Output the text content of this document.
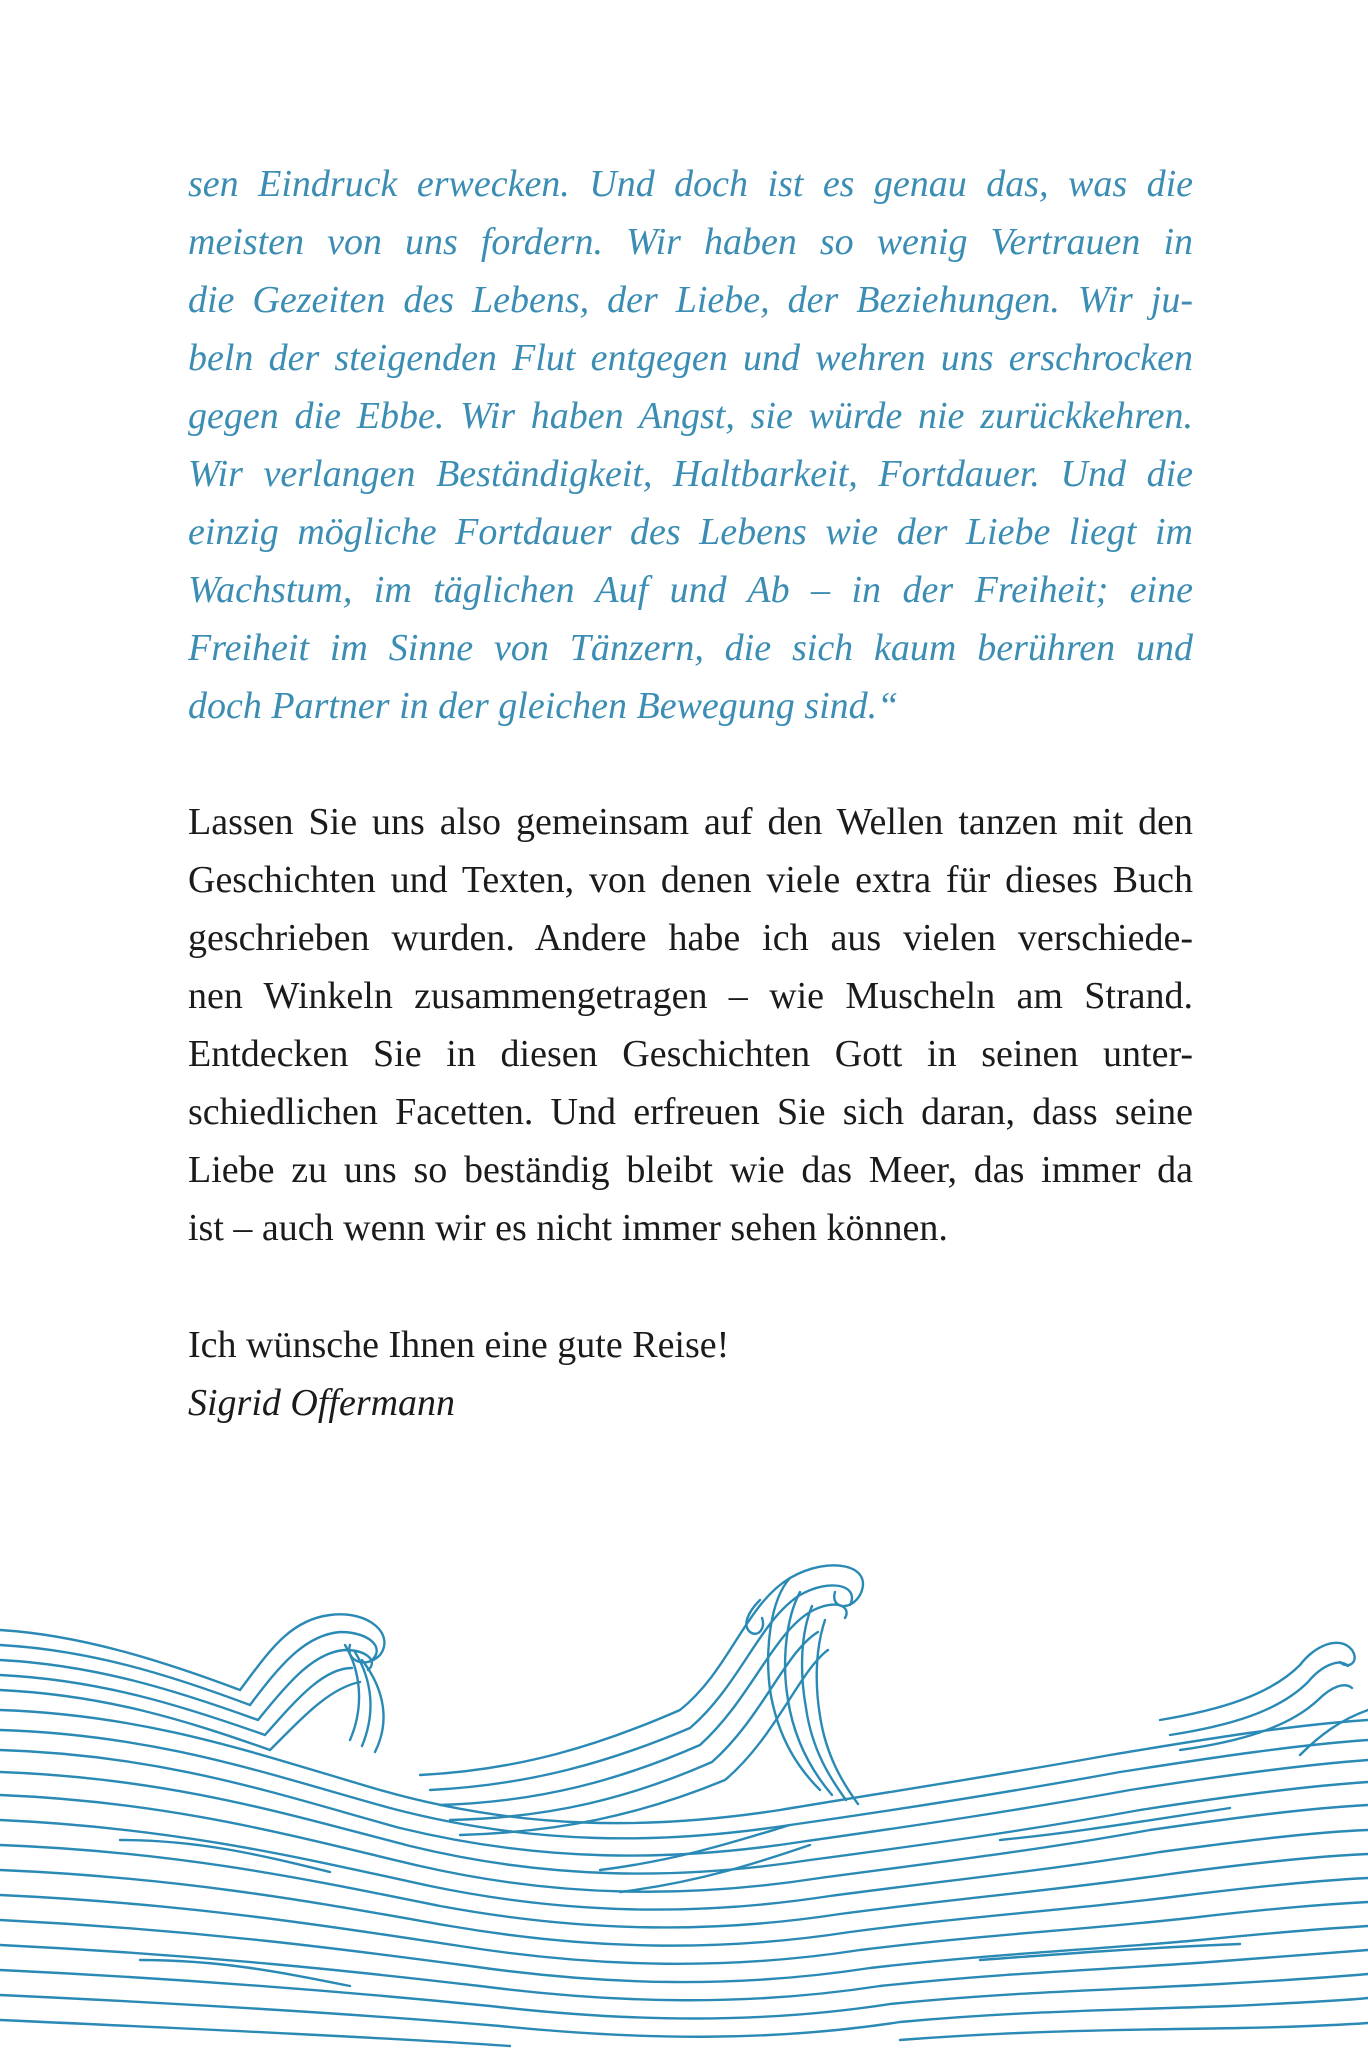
sen Eindruck erwecken. Und doch ist es genau das, was die
meisten von uns fordern. Wir haben so wenig Vertrauen in
die Gezeiten des Lebens, der Liebe, der Beziehungen. Wir ju-
beln der steigenden Flut entgegen und wehren uns erschrocken
gegen die Ebbe. Wir haben Angst, sie würde nie zurückkehren.
Wir verlangen Beständigkeit, Haltbarkeit, Fortdauer. Und die
einzig mögliche Fortdauer des Lebens wie der Liebe liegt im
Wachstum, im täglichen Auf und Ab – in der Freiheit; eine
Freiheit im Sinne von Tänzern, die sich kaum berühren und
doch Partner in der gleichen Bewegung sind.“
Lassen Sie uns also gemeinsam auf den Wellen tanzen mit den
Geschichten und Texten, von denen viele extra für dieses Buch
geschrieben wurden. Andere habe ich aus vielen verschiede-
nen Winkeln zusammengetragen – wie Muscheln am Strand.
Entdecken Sie in diesen Geschichten Gott in seinen unter-
schiedlichen Facetten. Und erfreuen Sie sich daran, dass seine
Liebe zu uns so beständig bleibt wie das Meer, das immer da
ist – auch wenn wir es nicht immer sehen können.
Ich wünsche Ihnen eine gute Reise!
Sigrid Offermann
